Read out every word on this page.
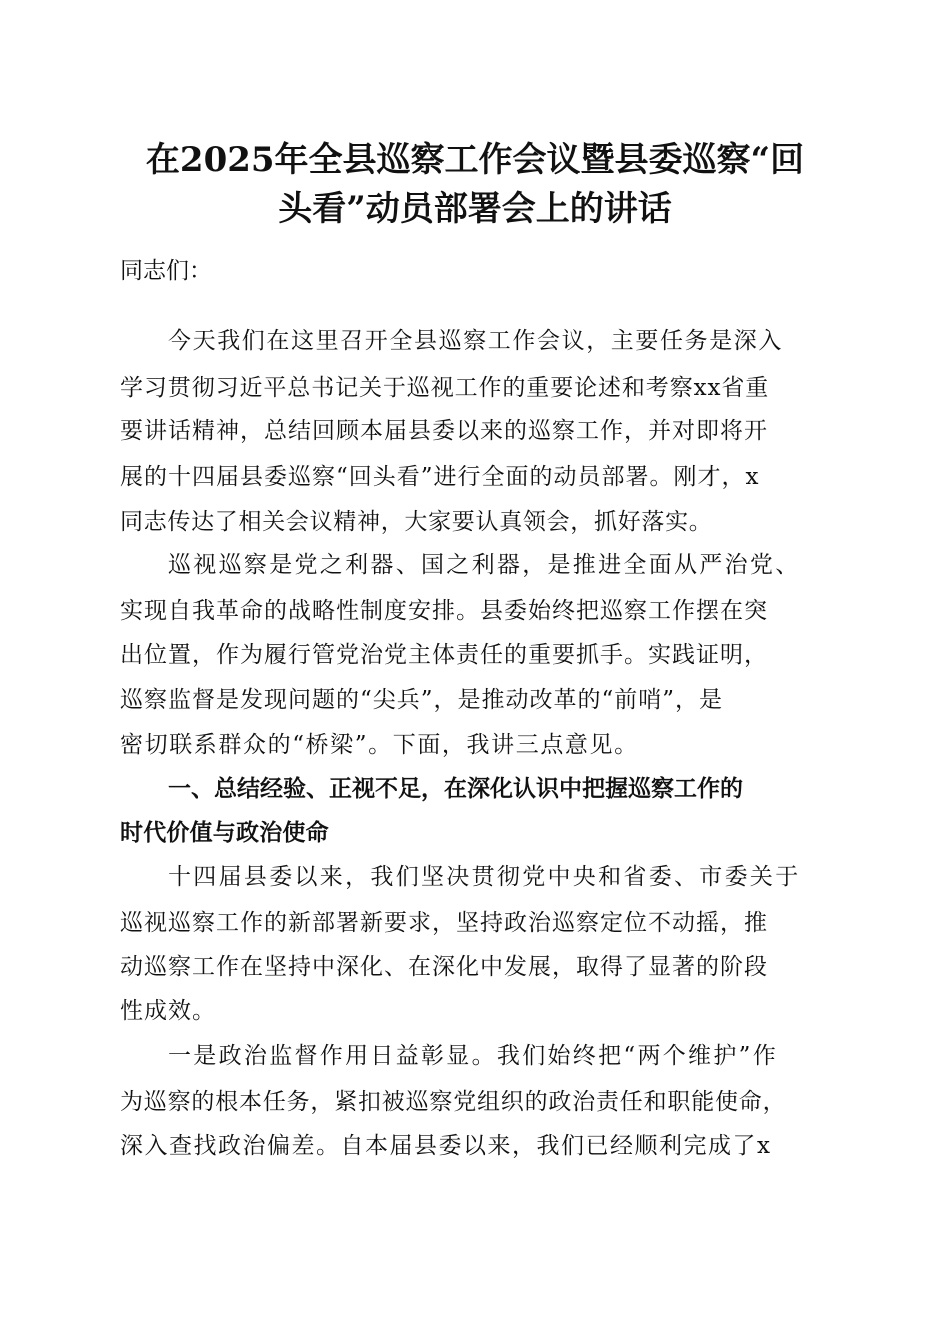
在2025年全县巡察工作会议暨县委巡察“回
头看”动员部署会上的讲话

同志们：

今天我们在这里召开全县巡察工作会议，主要任务是深入

学习贯彻习近平总书记关于巡视工作的重要论述和考察xx省重

要讲话精神，总结回顾本届县委以来的巡察工作，并对即将开

展的十四届县委巡察“回头看”进行全面的动员部署。刚才，x

同志传达了相关会议精神，大家要认真领会，抓好落实。

巡视巡察是党之利器、国之利器，是推进全面从严治党、

实现自我革命的战略性制度安排。县委始终把巡察工作摆在突

出位置，作为履行管党治党主体责任的重要抓手。实践证明，

巡察监督是发现问题的“尖兵”，是推动改革的“前哨”，是

密切联系群众的“桥梁”。下面，我讲三点意见。

一、总结经验、正视不足，在深化认识中把握巡察工作的

时代价值与政治使命

十四届县委以来，我们坚决贯彻党中央和省委、市委关于

巡视巡察工作的新部署新要求，坚持政治巡察定位不动摇，推

动巡察工作在坚持中深化、在深化中发展，取得了显著的阶段

性成效。

一是政治监督作用日益彰显。我们始终把“两个维护”作

为巡察的根本任务，紧扣被巡察党组织的政治责任和职能使命，

深入查找政治偏差。自本届县委以来，我们已经顺利完成了x
